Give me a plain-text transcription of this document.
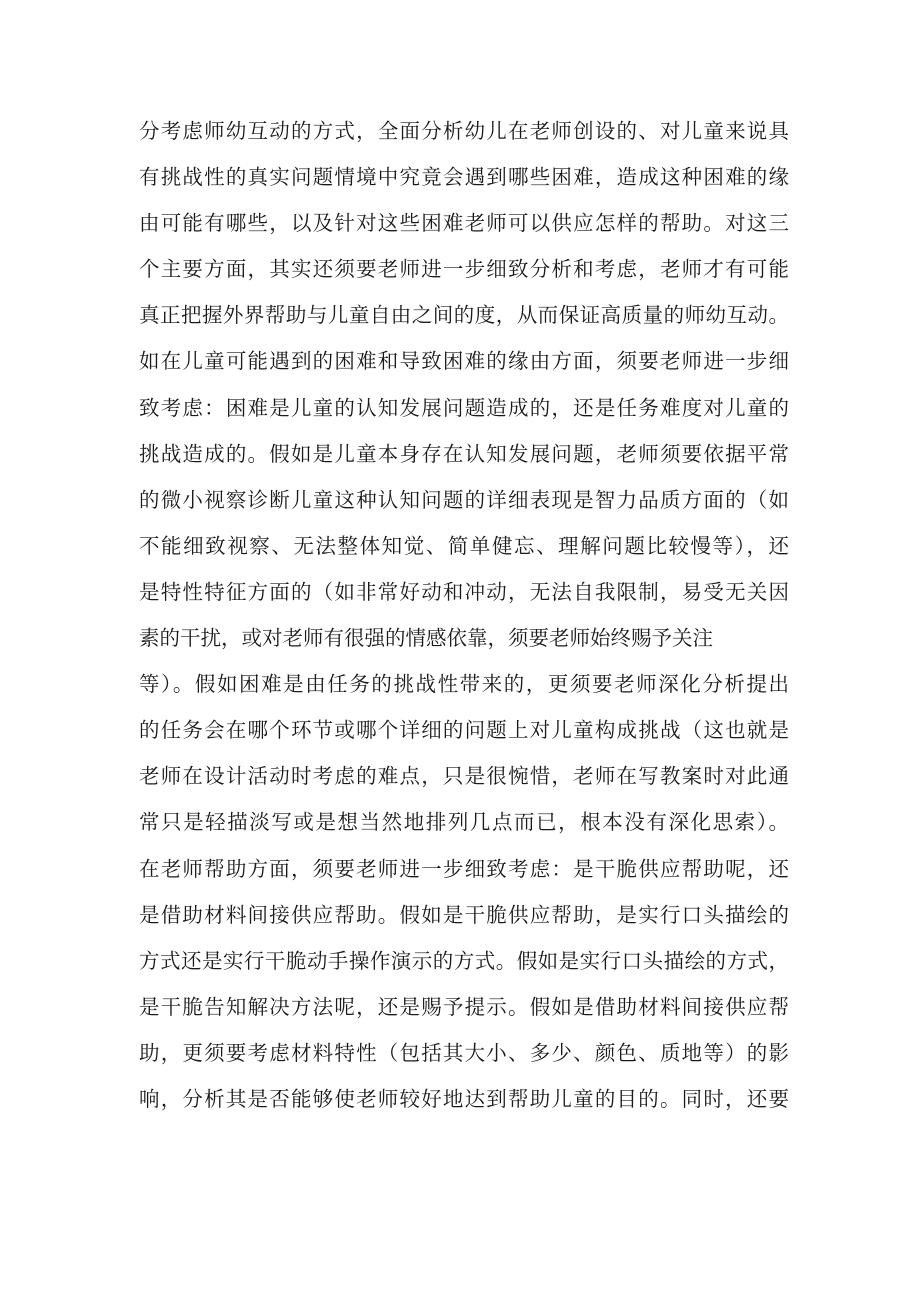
分考虑师幼互动的方式，全面分析幼儿在老师创设的、对儿童来说具
有挑战性的真实问题情境中究竟会遇到哪些困难，造成这种困难的缘
由可能有哪些，以及针对这些困难老师可以供应怎样的帮助。对这三
个主要方面，其实还须要老师进一步细致分析和考虑，老师才有可能
真正把握外界帮助与儿童自由之间的度，从而保证高质量的师幼互动。
如在儿童可能遇到的困难和导致困难的缘由方面，须要老师进一步细
致考虑：困难是儿童的认知发展问题造成的，还是任务难度对儿童的
挑战造成的。假如是儿童本身存在认知发展问题，老师须要依据平常
的微小视察诊断儿童这种认知问题的详细表现是智力品质方面的（如
不能细致视察、无法整体知觉、简单健忘、理解问题比较慢等），还
是特性特征方面的（如非常好动和冲动，无法自我限制，易受无关因
素的干扰，或对老师有很强的情感依靠，须要老师始终赐予关注
等）。假如困难是由任务的挑战性带来的，更须要老师深化分析提出
的任务会在哪个环节或哪个详细的问题上对儿童构成挑战（这也就是
老师在设计活动时考虑的难点，只是很惋惜，老师在写教案时对此通
常只是轻描淡写或是想当然地排列几点而已，根本没有深化思索）。
在老师帮助方面，须要老师进一步细致考虑：是干脆供应帮助呢，还
是借助材料间接供应帮助。假如是干脆供应帮助，是实行口头描绘的
方式还是实行干脆动手操作演示的方式。假如是实行口头描绘的方式，
是干脆告知解决方法呢，还是赐予提示。假如是借助材料间接供应帮
助，更须要考虑材料特性（包括其大小、多少、颜色、质地等）的影
响，分析其是否能够使老师较好地达到帮助儿童的目的。同时，还要
